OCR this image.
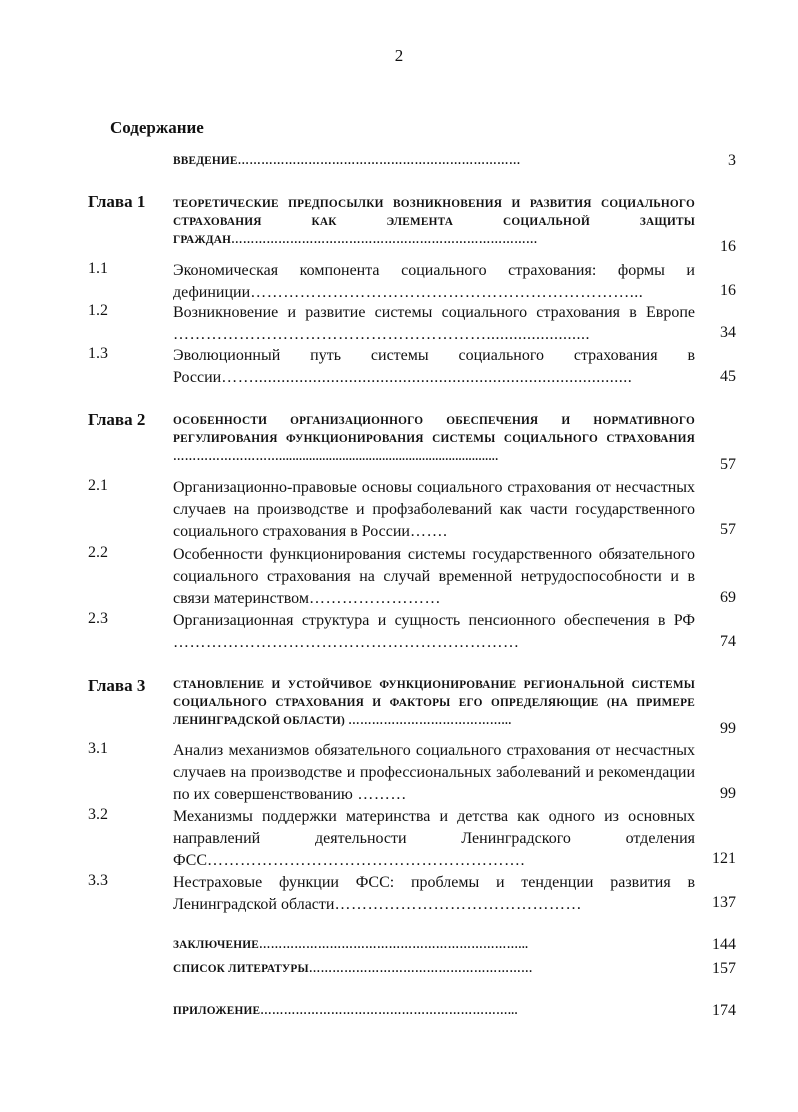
2
Содержание
ВВЕДЕНИЕ………………………………………………………………	3
Глава 1 ТЕОРЕТИЧЕСКИЕ ПРЕДПОСЫЛКИ ВОЗНИКНОВЕНИЯ И РАЗВИТИЯ СОЦИАЛЬНОГО СТРАХОВАНИЯ КАК ЭЛЕМЕНТА СОЦИАЛЬНОЙ ЗАЩИТЫ ГРАЖДАН……………………………………………………………………	16
1.1	Экономическая компонента социального страхования: формы и дефиниции……………………………………………………………...	16
1.2	Возникновение и развитие системы социального страхования в Европе ………………………………………………….......................	34
1.3	Эволюционный путь системы социального страхования в России……....................................................................................	45
Глава 2 ОСОБЕННОСТИ ОРГАНИЗАЦИОННОГО ОБЕСПЕЧЕНИЯ И НОРМАТИВНОГО РЕГУЛИРОВАНИЯ ФУНКЦИОНИРОВАНИЯ СИСТЕМЫ СОЦИАЛЬНОГО СТРАХОВАНИЯ ………………………..................................................................	57
2.1	Организационно-правовые основы социального страхования от несчастных случаев на производстве и профзаболеваний как части государственного социального страхования в России…….	57
2.2	Особенности функционирования системы государственного обязательного социального страхования на случай временной нетрудоспособности и в связи материнством……………………	69
2.3	Организационная структура и сущность пенсионного обеспечения в РФ ………………………………………………………	74
Глава 3 СТАНОВЛЕНИЕ И УСТОЙЧИВОЕ ФУНКЦИОНИРОВАНИЕ РЕГИОНАЛЬНОЙ СИСТЕМЫ СОЦИАЛЬНОГО СТРАХОВАНИЯ И ФАКТОРЫ ЕГО ОПРЕДЕЛЯЮЩИЕ (НА ПРИМЕРЕ ЛЕНИНГРАДСКОЙ ОБЛАСТИ) …………………………………...	99
3.1	Анализ механизмов обязательного социального страхования от несчастных случаев на производстве и профессиональных заболеваний и рекомендации по их совершенствованию ………	99
3.2	Механизмы поддержки материнства и детства как одного из основных направлений деятельности Ленинградского отделения ФСС………………………………………………….	121
3.3	Нестраховые функции ФСС: проблемы и тенденции развития в Ленинградской области………………………………………	137
ЗАКЛЮЧЕНИЕ…………………………………………………………...	144
СПИСОК ЛИТЕРАТУРЫ…………………………………………………	157
ПРИЛОЖЕНИЕ………………………………………………………...	174
